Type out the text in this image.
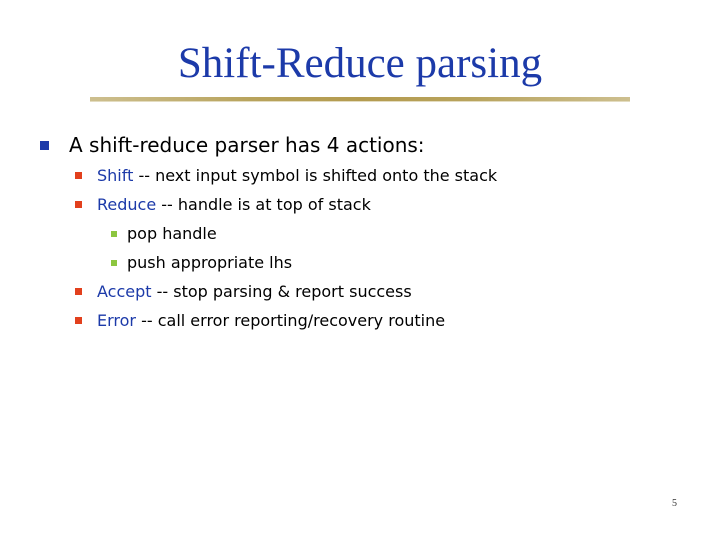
Shift-Reduce parsing
A shift-reduce parser has 4 actions:
Shift -- next input symbol is shifted onto the stack
Reduce -- handle is at top of stack
pop handle
push appropriate lhs
Accept -- stop parsing & report success
Error -- call error reporting/recovery routine
5
